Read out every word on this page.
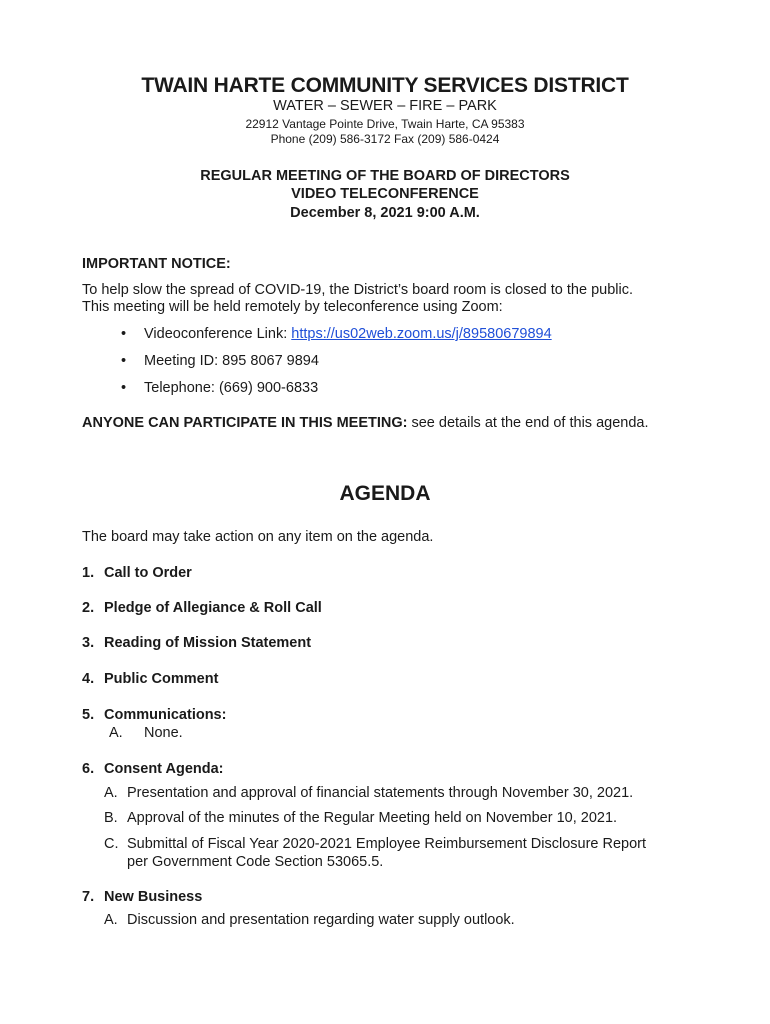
TWAIN HARTE COMMUNITY SERVICES DISTRICT
WATER – SEWER – FIRE – PARK
22912 Vantage Pointe Drive, Twain Harte, CA 95383
Phone (209) 586-3172 Fax (209) 586-0424
REGULAR MEETING OF THE BOARD OF DIRECTORS
VIDEO TELECONFERENCE
December 8, 2021 9:00 A.M.
IMPORTANT NOTICE:
To help slow the spread of COVID-19, the District’s board room is closed to the public.
This meeting will be held remotely by teleconference using Zoom:
• Videoconference Link: https://us02web.zoom.us/j/89580679894
• Meeting ID: 895 8067 9894
• Telephone: (669) 900-6833
ANYONE CAN PARTICIPATE IN THIS MEETING: see details at the end of this agenda.
AGENDA
The board may take action on any item on the agenda.
1. Call to Order
2. Pledge of Allegiance & Roll Call
3. Reading of Mission Statement
4. Public Comment
5. Communications:
A. None.
6. Consent Agenda:
A. Presentation and approval of financial statements through November 30, 2021.
B. Approval of the minutes of the Regular Meeting held on November 10, 2021.
C. Submittal of Fiscal Year 2020-2021 Employee Reimbursement Disclosure Report
per Government Code Section 53065.5.
7. New Business
A. Discussion and presentation regarding water supply outlook.
